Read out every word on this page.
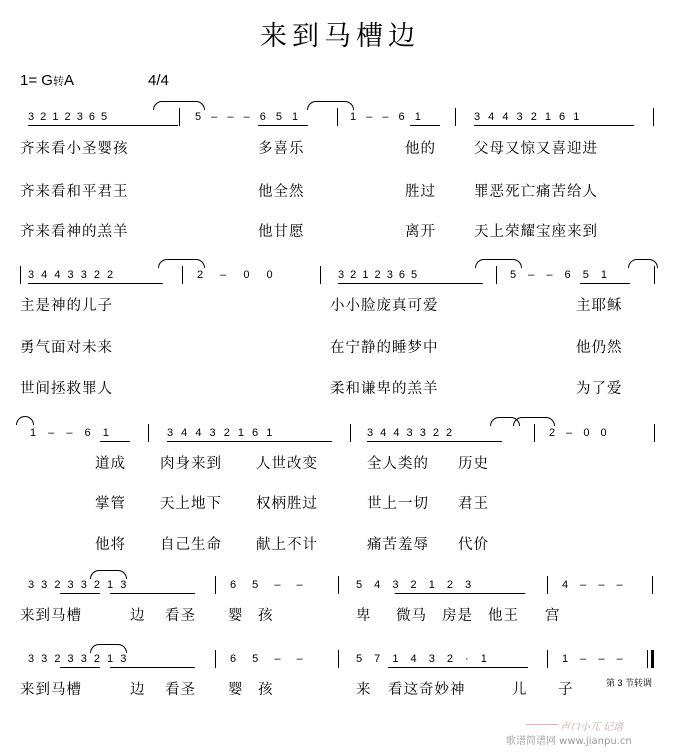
来到马槽边
1= G转A	4/4
3 2 1 2 3 6 5	5 – – – 6 5 1	1 – – 6 1	3 4 4 3 2 1 6 1
齐来看小圣婴孩	多喜乐	他的	父母又惊又喜迎进
齐来看和平君王	他全然	胜过	罪恶死亡痛苦给人
齐来看神的羔羊	他甘愿	离开	天上荣耀宝座来到
3 4 4 3 3 2 2	2 – 0 0	3 2 1 2 3 6 5	5 – – 6 5 1
主是神的儿子	小小脸庞真可爱	主耶稣
勇气面对未来	在宁静的睡梦中	他仍然
世间拯救罪人	柔和谦卑的羔羊	为了爱
1 – – 6 1	3 4 4 3 2 1 6 1	3 4 4 3 3 2 2	2 – 0 0
道成 肉身来到 人世改变	全人类的 历史
掌管 天上地下 权柄胜过	世上一切 君王
他将 自己生命 献上不计	痛苦羞辱 代价
3 3 2 3 3 2 1 3	6 5 – –	5 4 3 2 1 2 3	4 – – –
来到马槽	边 看圣 婴 孩	卑 微马 房是 他王 宫
3 3 2 3 3 2 1 3	6 5 – –	5 7 1 4 3 2 · 1	1 – – –
来到马槽	边 看圣 婴 孩	来 看这奇妙神	儿 子	第 3 节转调
声口小兀 记谱
歌谱简谱网 www.jianpu.cn
